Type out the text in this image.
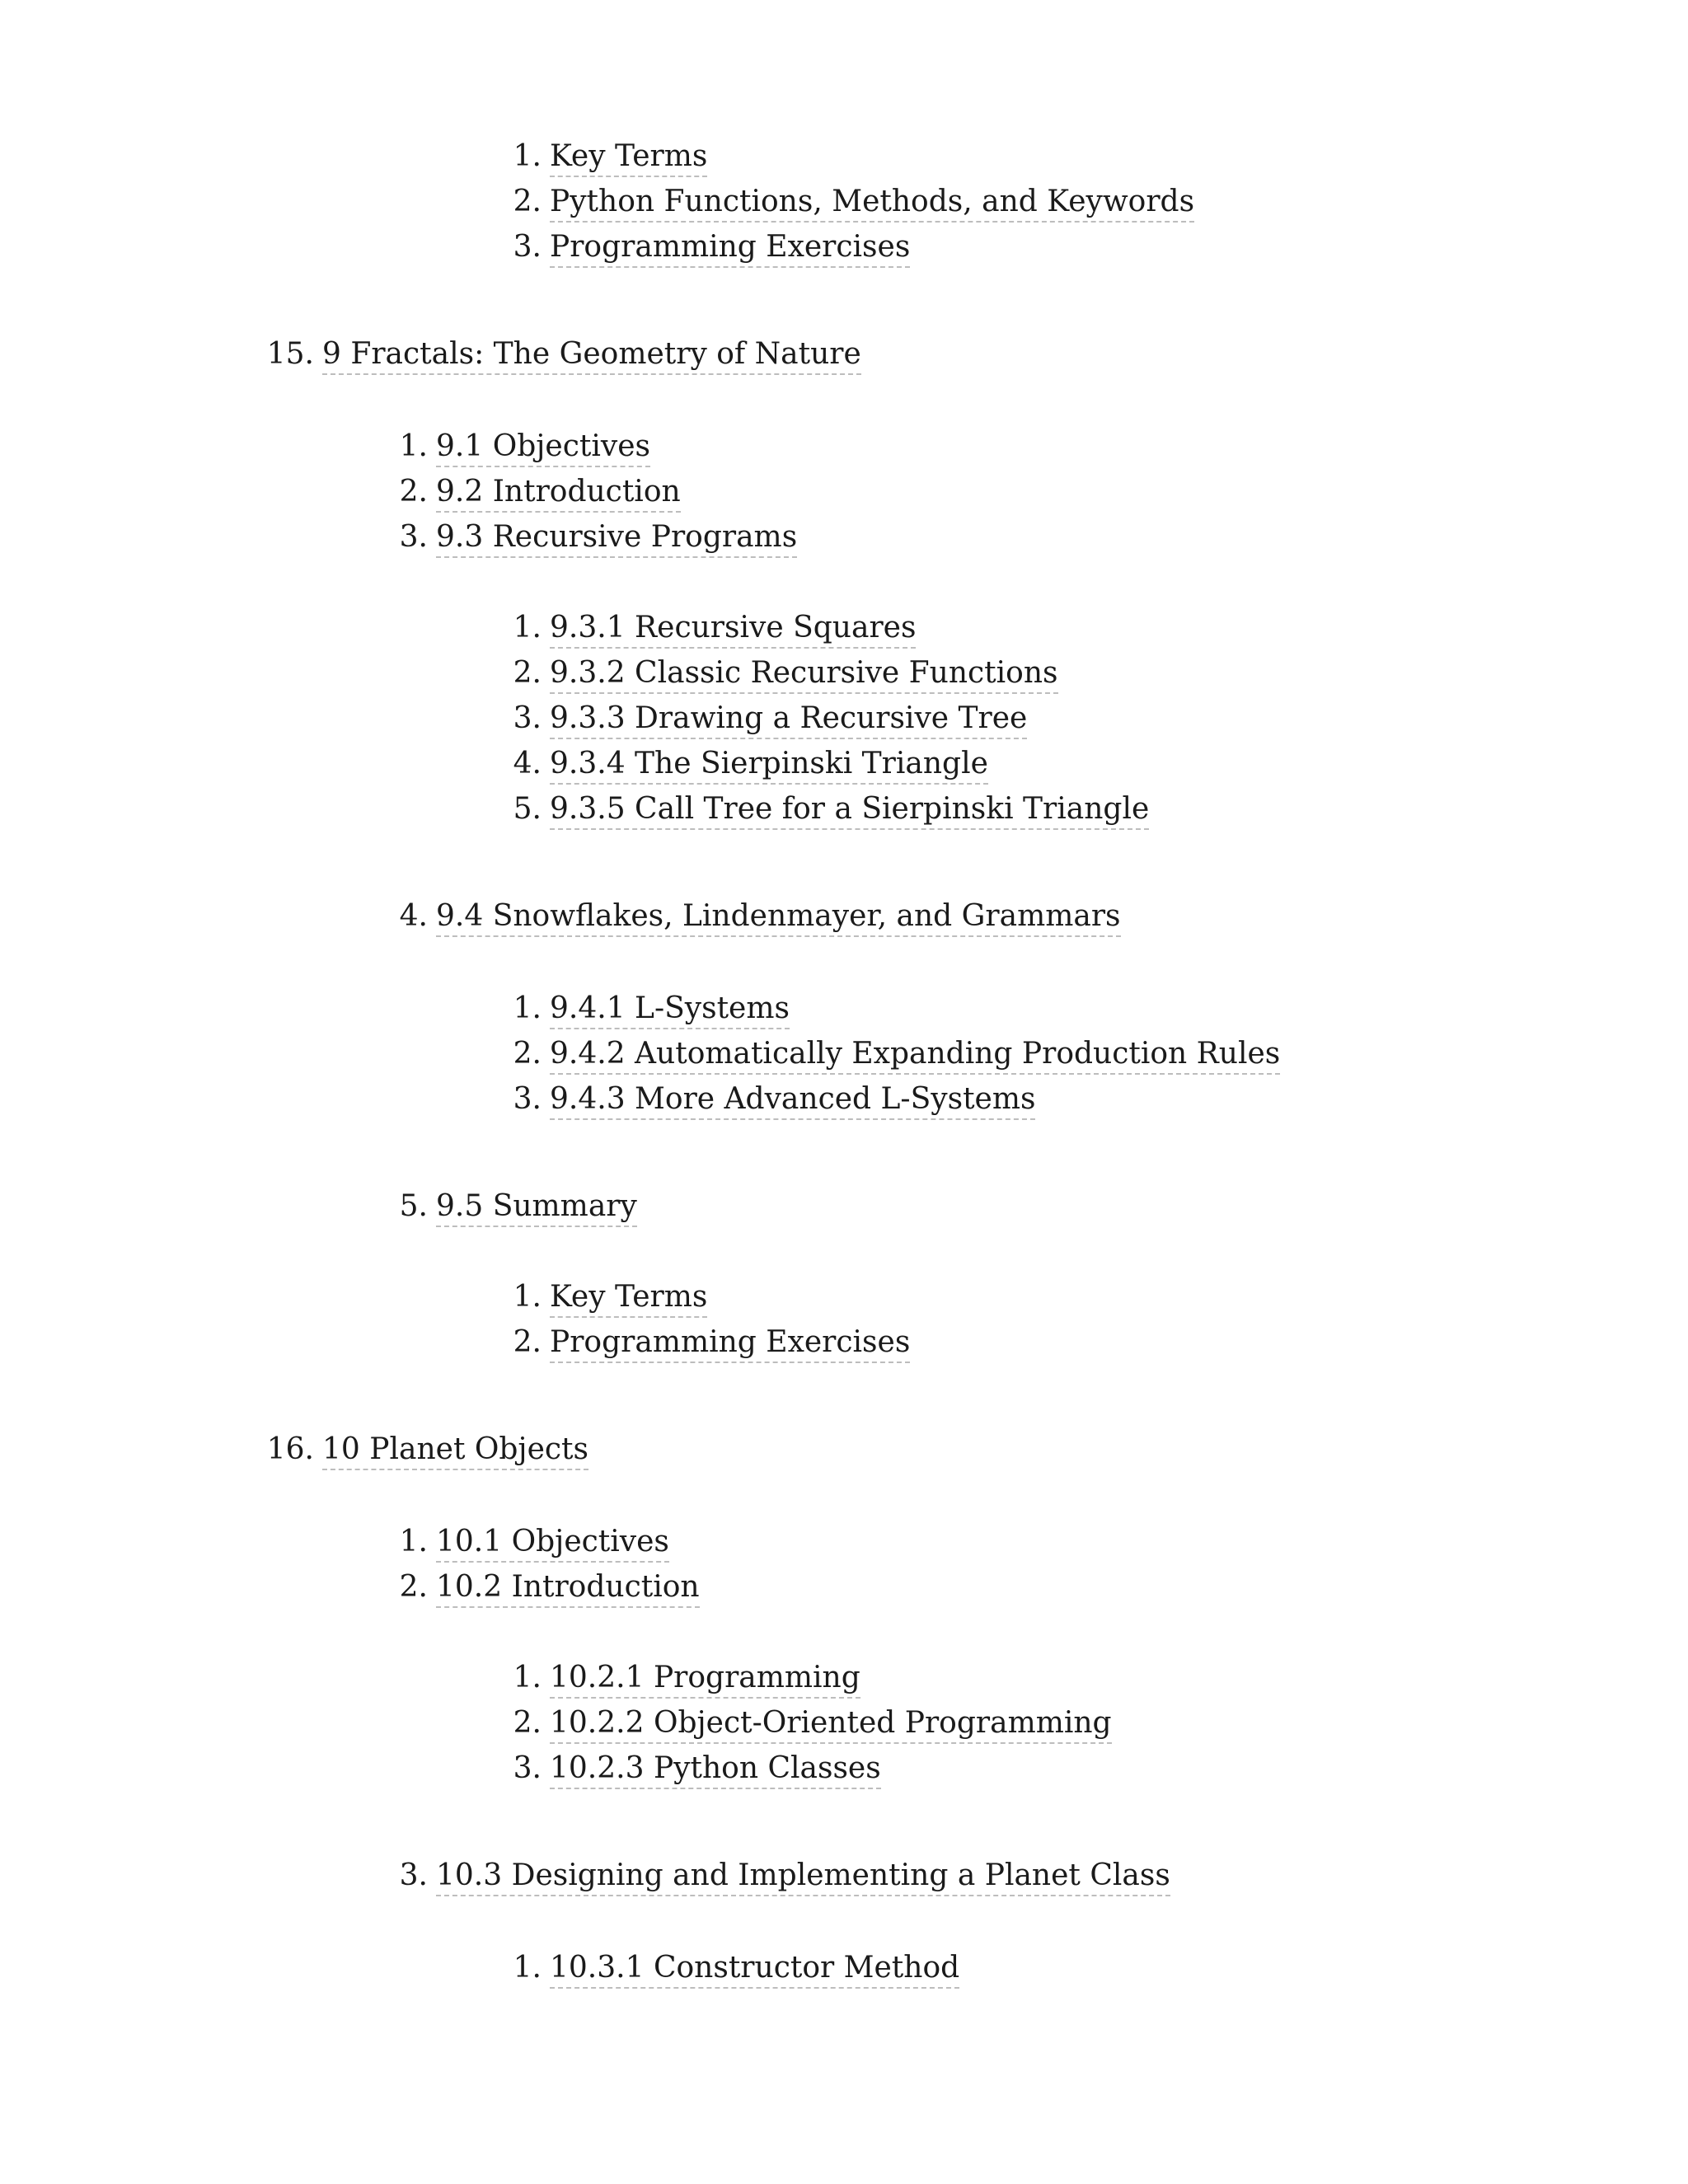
1. Key Terms
2. Python Functions, Methods, and Keywords
3. Programming Exercises
15. 9 Fractals: The Geometry of Nature
1. 9.1 Objectives
2. 9.2 Introduction
3. 9.3 Recursive Programs
1. 9.3.1 Recursive Squares
2. 9.3.2 Classic Recursive Functions
3. 9.3.3 Drawing a Recursive Tree
4. 9.3.4 The Sierpinski Triangle
5. 9.3.5 Call Tree for a Sierpinski Triangle
4. 9.4 Snowflakes, Lindenmayer, and Grammars
1. 9.4.1 L-Systems
2. 9.4.2 Automatically Expanding Production Rules
3. 9.4.3 More Advanced L-Systems
5. 9.5 Summary
1. Key Terms
2. Programming Exercises
16. 10 Planet Objects
1. 10.1 Objectives
2. 10.2 Introduction
1. 10.2.1 Programming
2. 10.2.2 Object-Oriented Programming
3. 10.2.3 Python Classes
3. 10.3 Designing and Implementing a Planet Class
1. 10.3.1 Constructor Method
